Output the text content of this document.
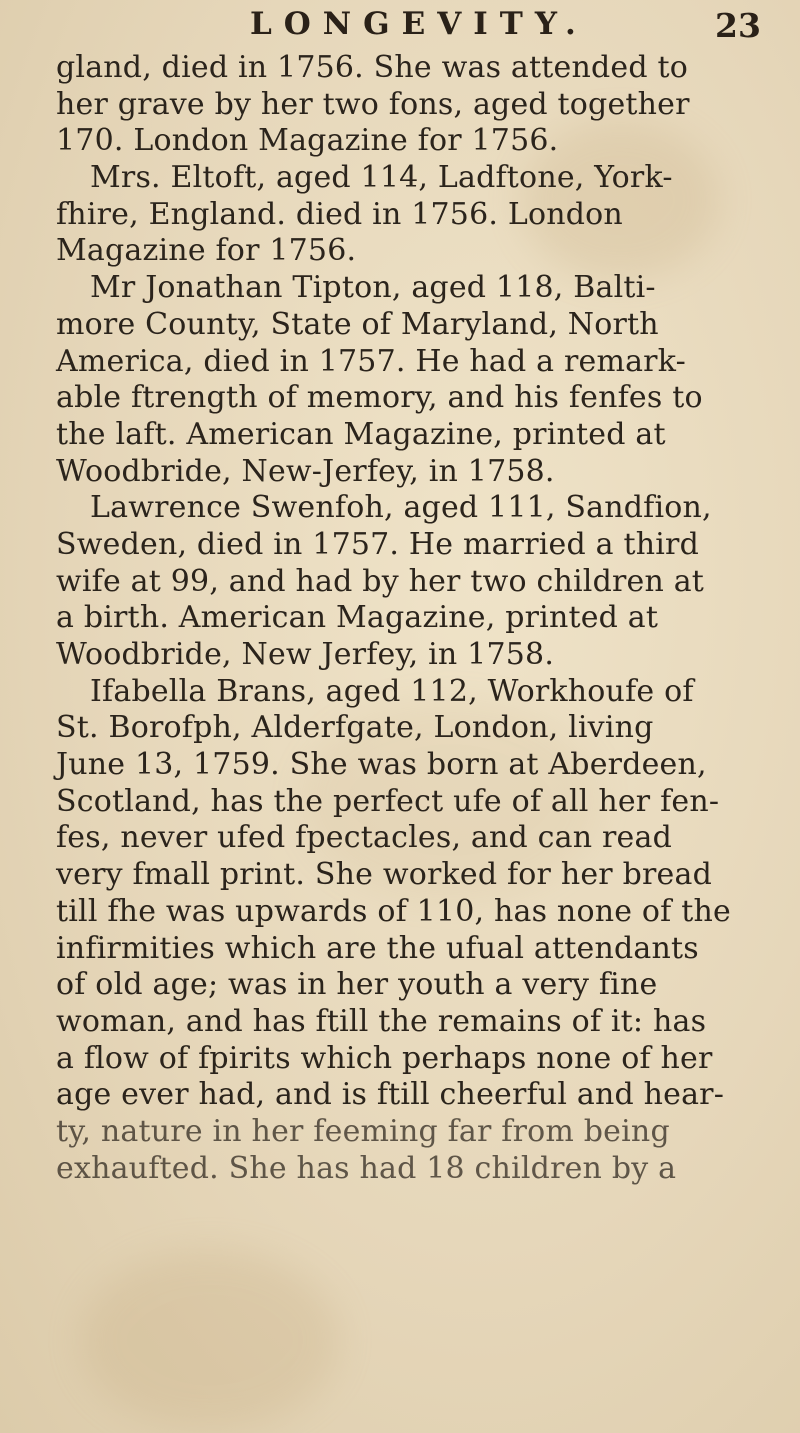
LONGEVITY.	23
gland, died in 1756. She was attended to
her grave by her two fons, aged together
170. London Magazine for 1756.
Mrs. Eltoft, aged 114, Ladftone, York-
fhire, England. died in 1756. London
Magazine for 1756.
Mr Jonathan Tipton, aged 118, Balti-
more County, State of Maryland, North
America, died in 1757. He had a remark-
able ftrength of memory, and his fenfes to
the laft. American Magazine, printed at
Woodbride, New-Jerfey, in 1758.
Lawrence Swenfoh, aged 111, Sandfion,
Sweden, died in 1757. He married a third
wife at 99, and had by her two children at
a birth. American Magazine, printed at
Woodbride, New Jerfey, in 1758.
Ifabella Brans, aged 112, Workhoufe of
St. Borofph, Alderfgate, London, living
June 13, 1759. She was born at Aberdeen,
Scotland, has the perfect ufe of all her fen-
fes, never ufed fpectacles, and can read
very fmall print. She worked for her bread
till fhe was upwards of 110, has none of the
infirmities which are the ufual attendants
of old age; was in her youth a very fine
woman, and has ftill the remains of it: has
a flow of fpirits which perhaps none of her
age ever had, and is ftill cheerful and hear-
ty, nature in her feeming far from being
exhaufted. She has had 18 children by a
